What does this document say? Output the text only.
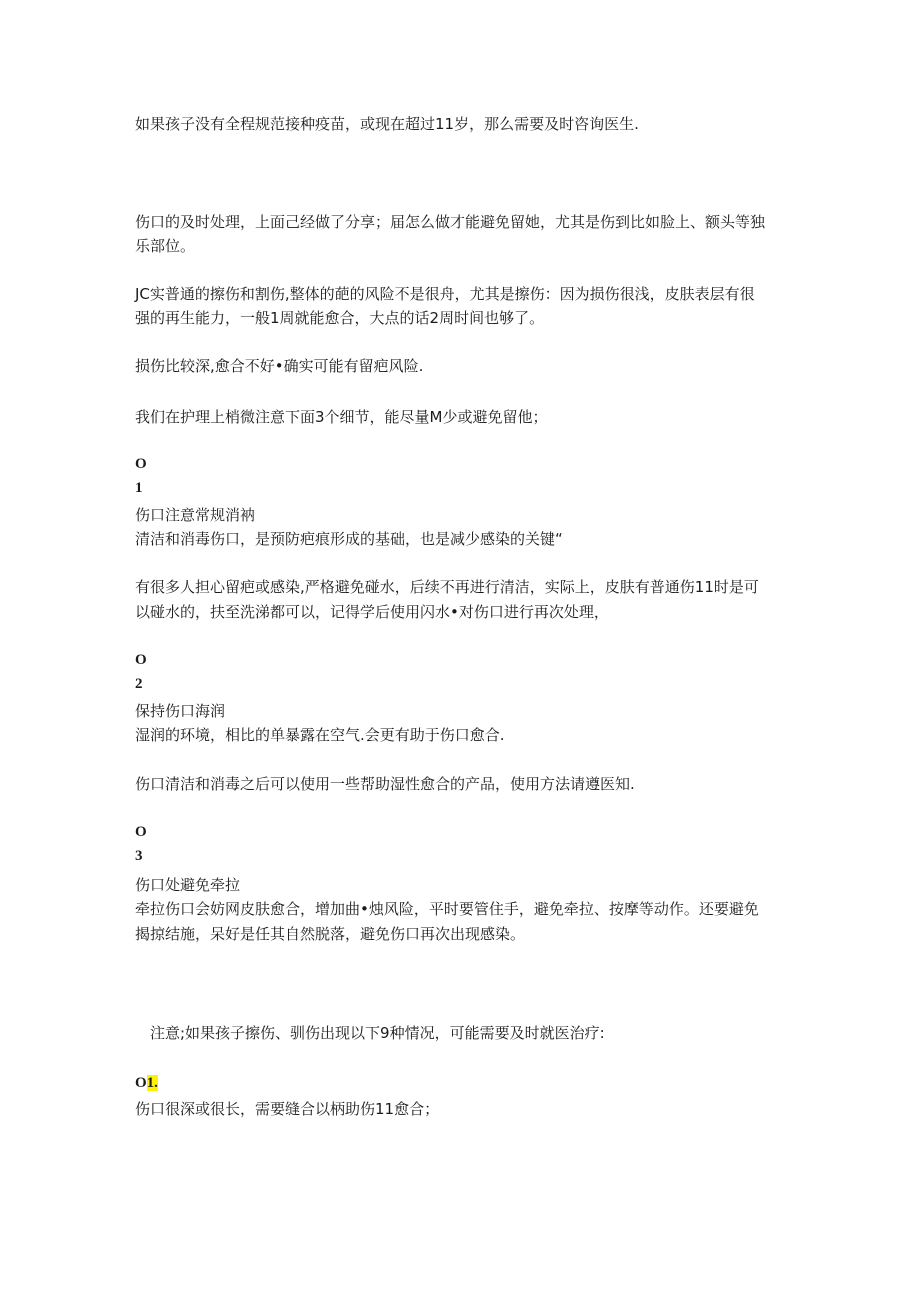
如果孩子没有全程规范接种疫苗，或现在超过11岁，那么需要及时咨询医生.
伤口的及时处理，上面己经做了分享；届怎么做才能避免留她，尤其是伤到比如脸上、额头等独
乐部位。
JC实普通的擦伤和割伤,整体的葩的风险不是很舟，尤其是擦伤：因为损伤很浅，皮肤表层有很
强的再生能力，一般1周就能愈合，大点的话2周时间也够了。
损伤比较深,愈合不好•确实可能有留疤风险.
我们在护理上梢微注意下面3个细节，能尽量M少或避免留他；
O
1
伤口注意常规消衲
清洁和消毒伤口，是预防疤痕形成的基础，也是减少感染的关键“
有很多人担心留疤或感染,严格避免碰水，后续不再进行清洁，实际上，皮肤有普通伤11时是可
以碰水的，扶至洗涕都可以，记得学后使用闪水•对伤口进行再次处理，
O
2
保持伤口海润
湿润的环境，相比的单暴露在空气.会更有助于伤口愈合.
伤口清洁和消毒之后可以使用一些帮助湿性愈合的产品，使用方法请遵医知.
O
3
伤口处避免牵拉
牵拉伤口会妨网皮肤愈合，增加曲•烛风险，平时要管住手，避免牵拉、按摩等动作。还要避免
揭掠结施，呆好是任其自然脱落，避免伤口再次出现感染。
注意;如果孩子擦伤、驯伤出现以下9种情况，可能需要及时就医治疗:
O1.
伤口很深或很长，需要缝合以柄助伤11愈合；
